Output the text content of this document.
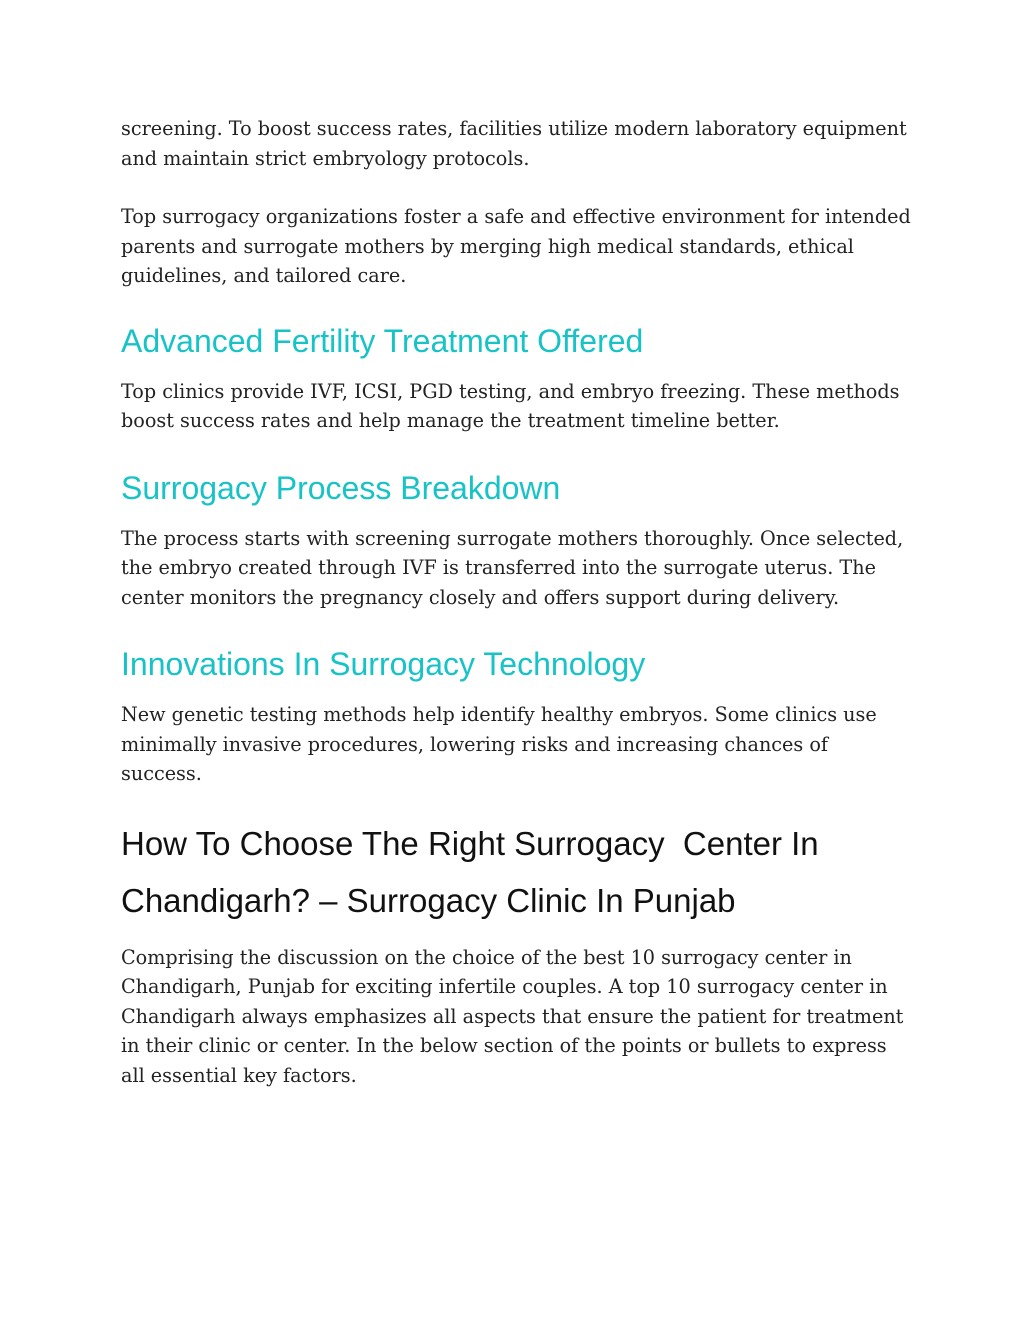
screening. To boost success rates, facilities utilize modern laboratory equipment and maintain strict embryology protocols.

Top surrogacy organizations foster a safe and effective environment for intended parents and surrogate mothers by merging high medical standards, ethical guidelines, and tailored care.

Advanced Fertility Treatment Offered

Top clinics provide IVF, ICSI, PGD testing, and embryo freezing. These methods boost success rates and help manage the treatment timeline better.

Surrogacy Process Breakdown

The process starts with screening surrogate mothers thoroughly. Once selected, the embryo created through IVF is transferred into the surrogate uterus. The center monitors the pregnancy closely and offers support during delivery.

Innovations In Surrogacy Technology

New genetic testing methods help identify healthy embryos. Some clinics use minimally invasive procedures, lowering risks and increasing chances of success.

How To Choose The Right Surrogacy  Center In Chandigarh? – Surrogacy Clinic In Punjab

Comprising the discussion on the choice of the best 10 surrogacy center in Chandigarh, Punjab for exciting infertile couples. A top 10 surrogacy center in Chandigarh always emphasizes all aspects that ensure the patient for treatment in their clinic or center. In the below section of the points or bullets to express all essential key factors.
